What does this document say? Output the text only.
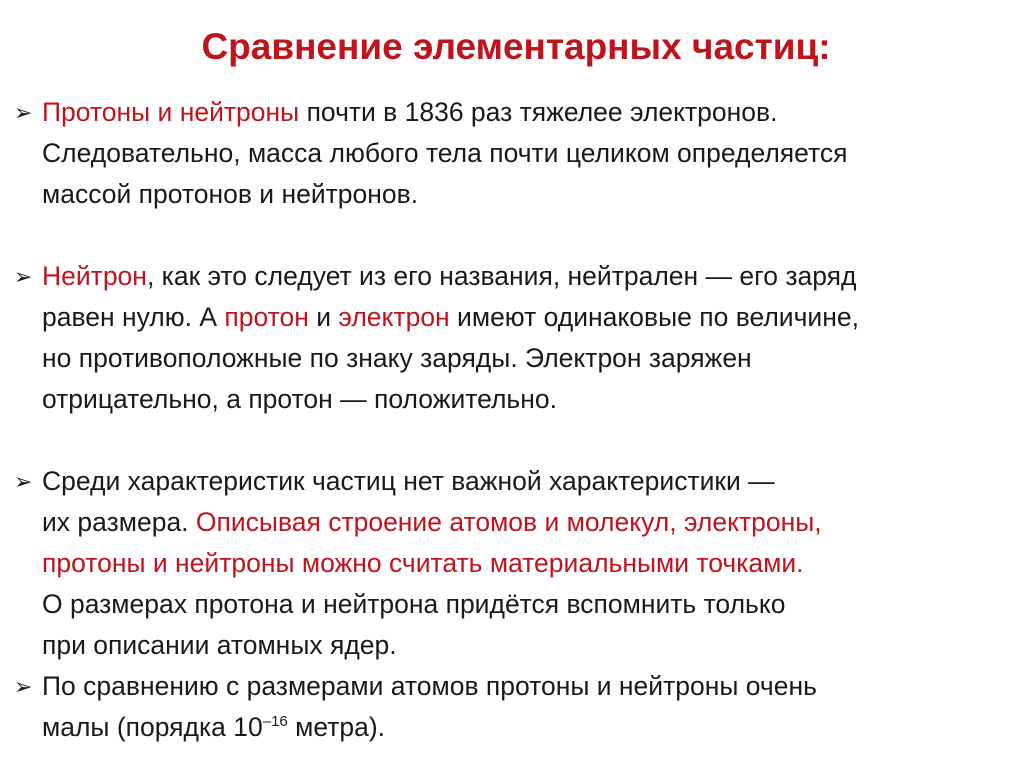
Сравнение элементарных частиц:
➢ Протоны и нейтроны почти в 1836 раз тяжелее электронов.
Следовательно, масса любого тела почти целиком определяется
массой протонов и нейтронов.
➢ Нейтрон, как это следует из его названия, нейтрален — его заряд
равен нулю. А протон и электрон имеют одинаковые по величине,
но противоположные по знаку заряды. Электрон заряжен
отрицательно, а протон — положительно.
➢ Среди характеристик частиц нет важной характеристики —
их размера. Описывая строение атомов и молекул, электроны,
протоны и нейтроны можно считать материальными точками.
О размерах протона и нейтрона придётся вспомнить только
при описании атомных ядер.
➢ По сравнению с размерами атомов протоны и нейтроны очень
малы (порядка $10^{-16}$ метра).
